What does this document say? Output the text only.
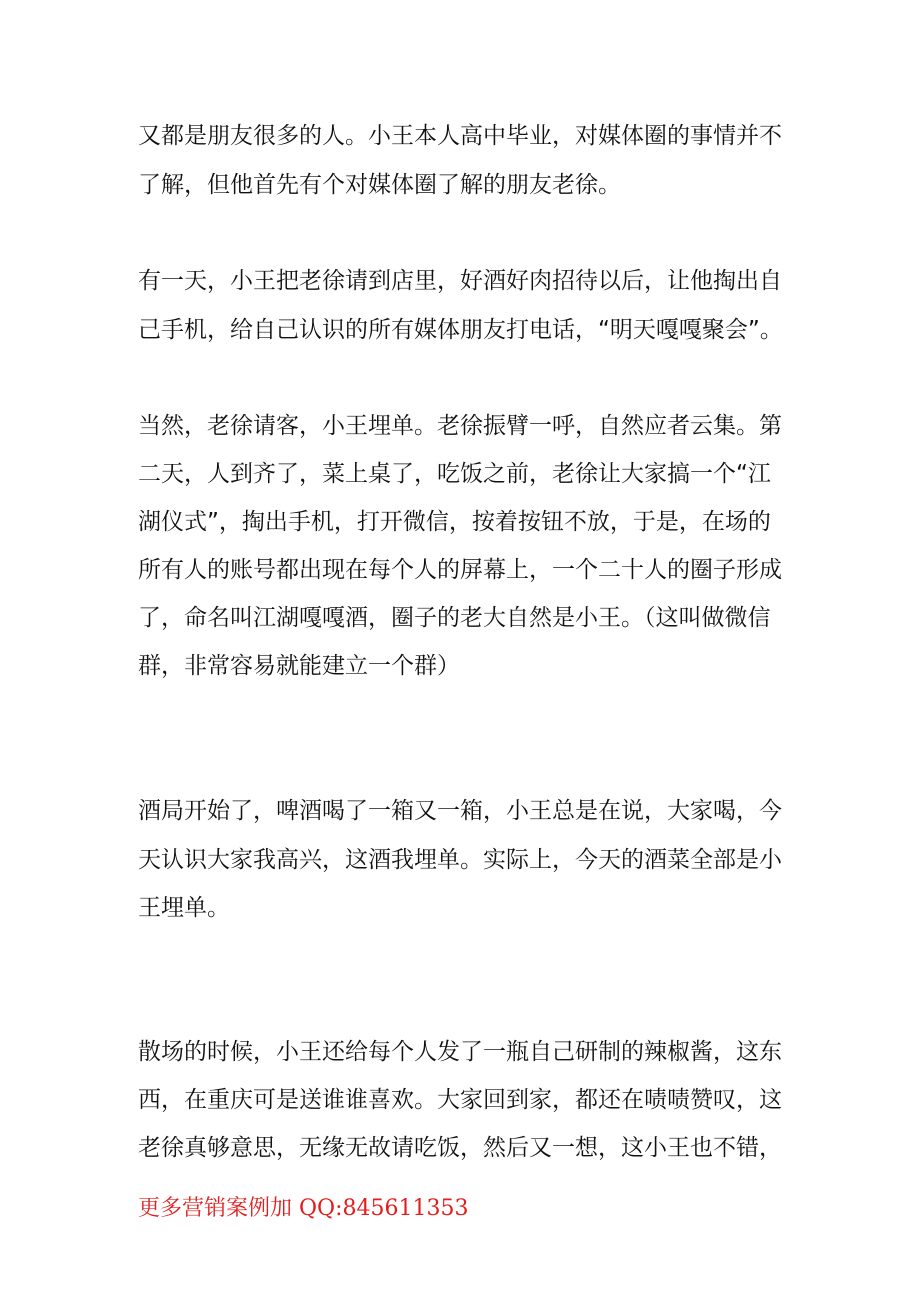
又都是朋友很多的人。小王本人高中毕业，对媒体圈的事情并不
了解，但他首先有个对媒体圈了解的朋友老徐。
有一天，小王把老徐请到店里，好酒好肉招待以后，让他掏出自
己手机，给自己认识的所有媒体朋友打电话，“明天嘎嘎聚会”。
当然，老徐请客，小王埋单。老徐振臂一呼，自然应者云集。第
二天，人到齐了，菜上桌了，吃饭之前，老徐让大家搞一个“江
湖仪式”，掏出手机，打开微信，按着按钮不放，于是，在场的
所有人的账号都出现在每个人的屏幕上，一个二十人的圈子形成
了，命名叫江湖嘎嘎酒，圈子的老大自然是小王。（这叫做微信
群，非常容易就能建立一个群）
酒局开始了，啤酒喝了一箱又一箱，小王总是在说，大家喝，今
天认识大家我高兴，这酒我埋单。实际上，今天的酒菜全部是小
王埋单。
散场的时候，小王还给每个人发了一瓶自己研制的辣椒酱，这东
西，在重庆可是送谁谁喜欢。大家回到家，都还在啧啧赞叹，这
老徐真够意思，无缘无故请吃饭，然后又一想，这小王也不错，
更多营销案例加 QQ:845611353
